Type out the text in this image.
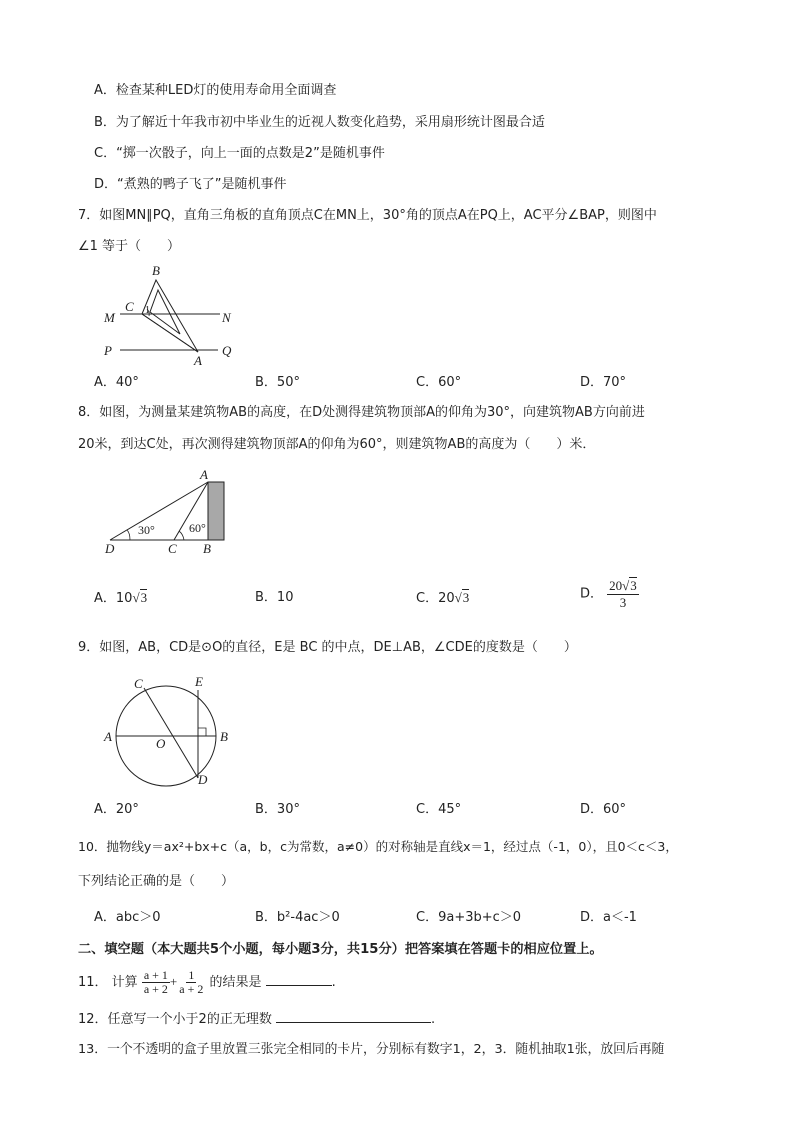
A．检查某种LED灯的使用寿命用全面调查
B．为了解近十年我市初中毕业生的近视人数变化趋势，采用扇形统计图最合适
C．“掷一次骰子，向上一面的点数是2”是随机事件
D．“煮熟的鸭子飞了”是随机事件
7．如图MN∥PQ，直角三角板的直角顶点C在MN上，30°角的顶点A在PQ上，AC平分∠BAP，则图中
∠1 等于（　　）
B
C 1
M	N
P	Q
A
A．40°	B．50°	C．60°	D．70°
8．如图，为测量某建筑物AB的高度，在D处测得建筑物顶部A的仰角为30°，向建筑物AB方向前进
20米，到达C处，再次测得建筑物顶部A的仰角为60°，则建筑物AB的高度为（　　）米．
A
D	C B
30°	60°
A．10√3	B．10	C．20√3	D． $\frac{20√3}{3}$
9．如图，AB，CD是⊙O的直径，E是 BC 的中点，DE⊥AB，∠CDE的度数是（　　）
C	E
A	O	B
D
A．20°	B．30°	C．45°	D．60°
10．抛物线y＝ax²+bx+c（a，b，c为常数，a≠0）的对称轴是直线x＝1，经过点（-1，0），且0＜c＜3，
下列结论正确的是（　　）
A．abc＞0	B．b²-4ac＞0	C．9a+3b+c＞0	D．a＜-1
二、填空题（本大题共5个小题，每小题3分，共15分）把答案填在答题卡的相应位置上。
11． 计算 $\frac{a + 1}{a + 2} + \frac{1}{a + 2}$ 的结果是	.
12．任意写一个小于2的正无理数	.
13．一个不透明的盒子里放置三张完全相同的卡片，分别标有数字1，2，3．随机抽取1张，放回后再随
